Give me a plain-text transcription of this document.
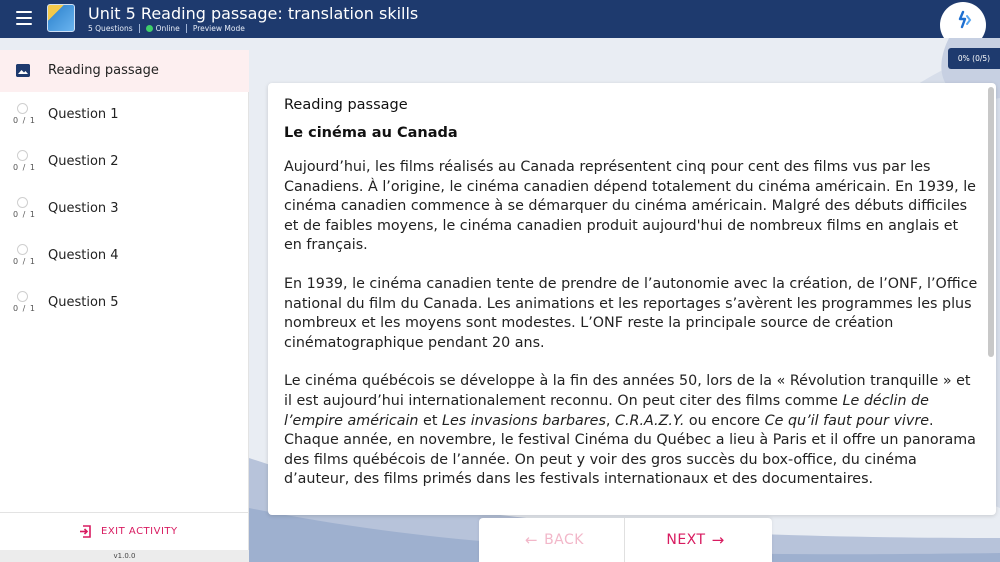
Unit 5 Reading passage: translation skills
5 Questions	Online Preview Mode
0% (0/5)
Reading passage
0 / 1 Question 1
0 / 1 Question 2
0 / 1 Question 3
0 / 1 Question 4
0 / 1 Question 5
EXIT ACTIVITY
v1.0.0
Reading passage
Le cinéma au Canada

Aujourd’hui, les films réalisés au Canada représentent cinq pour cent des films vus par les Canadiens. À l’origine, le cinéma canadien dépend totalement du cinéma américain. En 1939, le cinéma canadien commence à se démarquer du cinéma américain. Malgré des débuts difficiles et de faibles moyens, le cinéma canadien produit aujourd'hui de nombreux films en anglais et en français.

En 1939, le cinéma canadien tente de prendre de l’autonomie avec la création, de l’ONF, l’Office national du film du Canada. Les animations et les reportages s’avèrent les programmes les plus nombreux et les moyens sont modestes. L’ONF reste la principale source de création cinématographique pendant 20 ans.

Le cinéma québécois se développe à la fin des années 50, lors de la « Révolution tranquille » et il est aujourd’hui internationalement reconnu. On peut citer des films comme Le déclin de l’empire américain et Les invasions barbares, C.R.A.Z.Y. ou encore Ce qu’il faut pour vivre. Chaque année, en novembre, le festival Cinéma du Québec a lieu à Paris et il offre un panorama des films québécois de l’année. On peut y voir des gros succès du box-office, du cinéma d’auteur, des films primés dans les festivals internationaux et des documentaires.

← BACK	NEXT →
